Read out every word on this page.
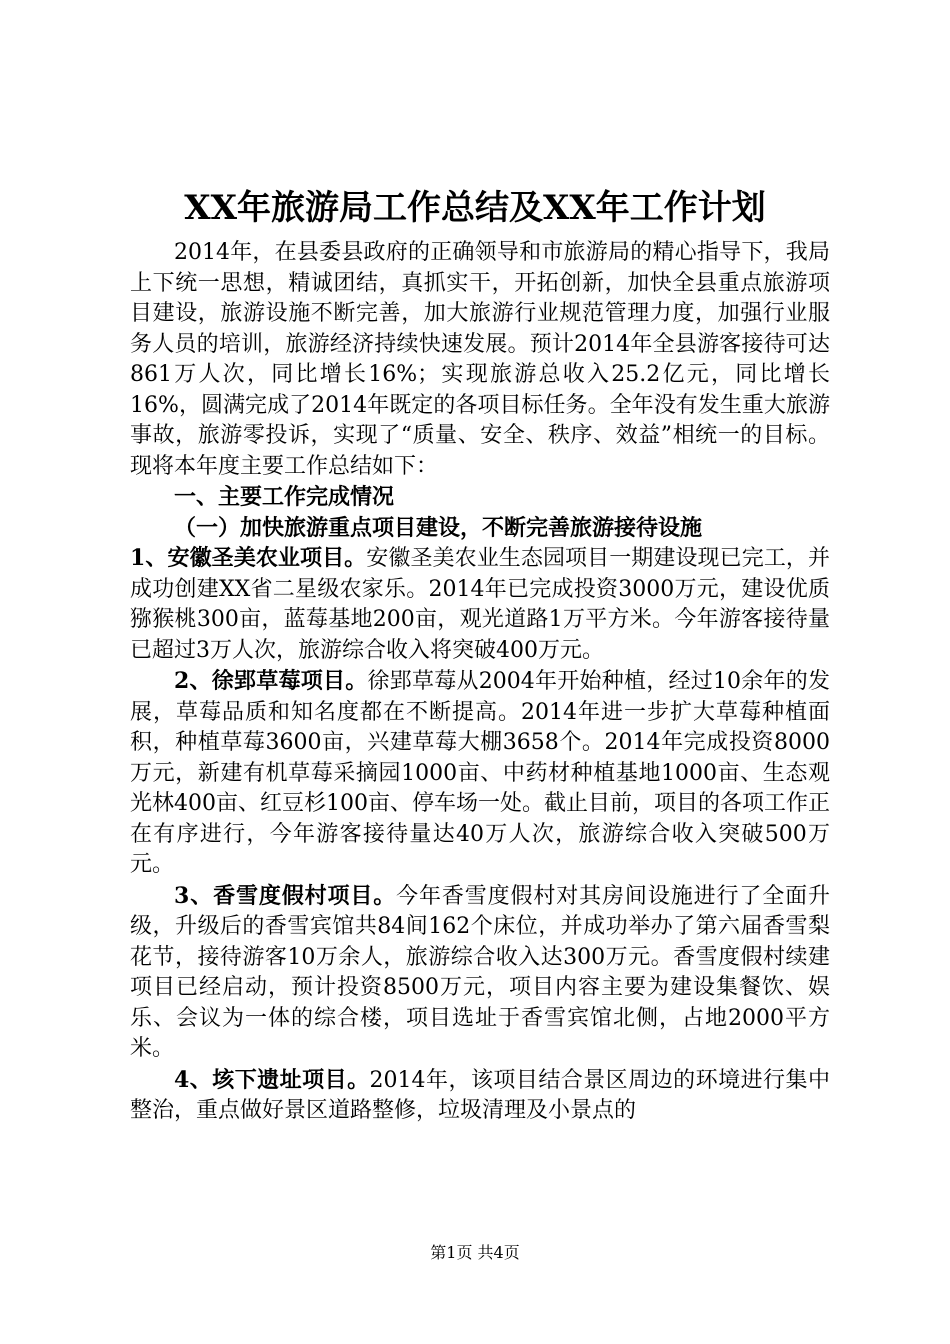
XX年旅游局工作总结及XX年工作计划

2014年，在县委县政府的正确领导和市旅游局的精心指导下，我局上下统一思想，精诚团结，真抓实干，开拓创新，加快全县重点旅游项目建设，旅游设施不断完善，加大旅游行业规范管理力度，加强行业服务人员的培训，旅游经济持续快速发展。预计2014年全县游客接待可达861万人次，同比增长16%；实现旅游总收入25.2亿元，同比增长16%，圆满完成了2014年既定的各项目标任务。全年没有发生重大旅游事故，旅游零投诉，实现了“质量、安全、秩序、效益”相统一的目标。现将本年度主要工作总结如下：

一、主要工作完成情况

（一）加快旅游重点项目建设，不断完善旅游接待设施

1、安徽圣美农业项目。安徽圣美农业生态园项目一期建设现已完工，并成功创建XX省二星级农家乐。2014年已完成投资3000万元，建设优质猕猴桃300亩，蓝莓基地200亩，观光道路1万平方米。今年游客接待量已超过3万人次，旅游综合收入将突破400万元。

2、徐郢草莓项目。徐郢草莓从2004年开始种植，经过10余年的发展，草莓品质和知名度都在不断提高。2014年进一步扩大草莓种植面积，种植草莓3600亩，兴建草莓大棚3658个。2014年完成投资8000万元，新建有机草莓采摘园1000亩、中药材种植基地1000亩、生态观光林400亩、红豆杉100亩、停车场一处。截止目前，项目的各项工作正在有序进行，今年游客接待量达40万人次，旅游综合收入突破500万元。

3、香雪度假村项目。今年香雪度假村对其房间设施进行了全面升级，升级后的香雪宾馆共84间162个床位，并成功举办了第六届香雪梨花节，接待游客10万余人，旅游综合收入达300万元。香雪度假村续建项目已经启动，预计投资8500万元，项目内容主要为建设集餐饮、娱乐、会议为一体的综合楼，项目选址于香雪宾馆北侧，占地2000平方米。

4、垓下遗址项目。2014年，该项目结合景区周边的环境进行集中整治，重点做好景区道路整修，垃圾清理及小景点的

第1页 共4页
